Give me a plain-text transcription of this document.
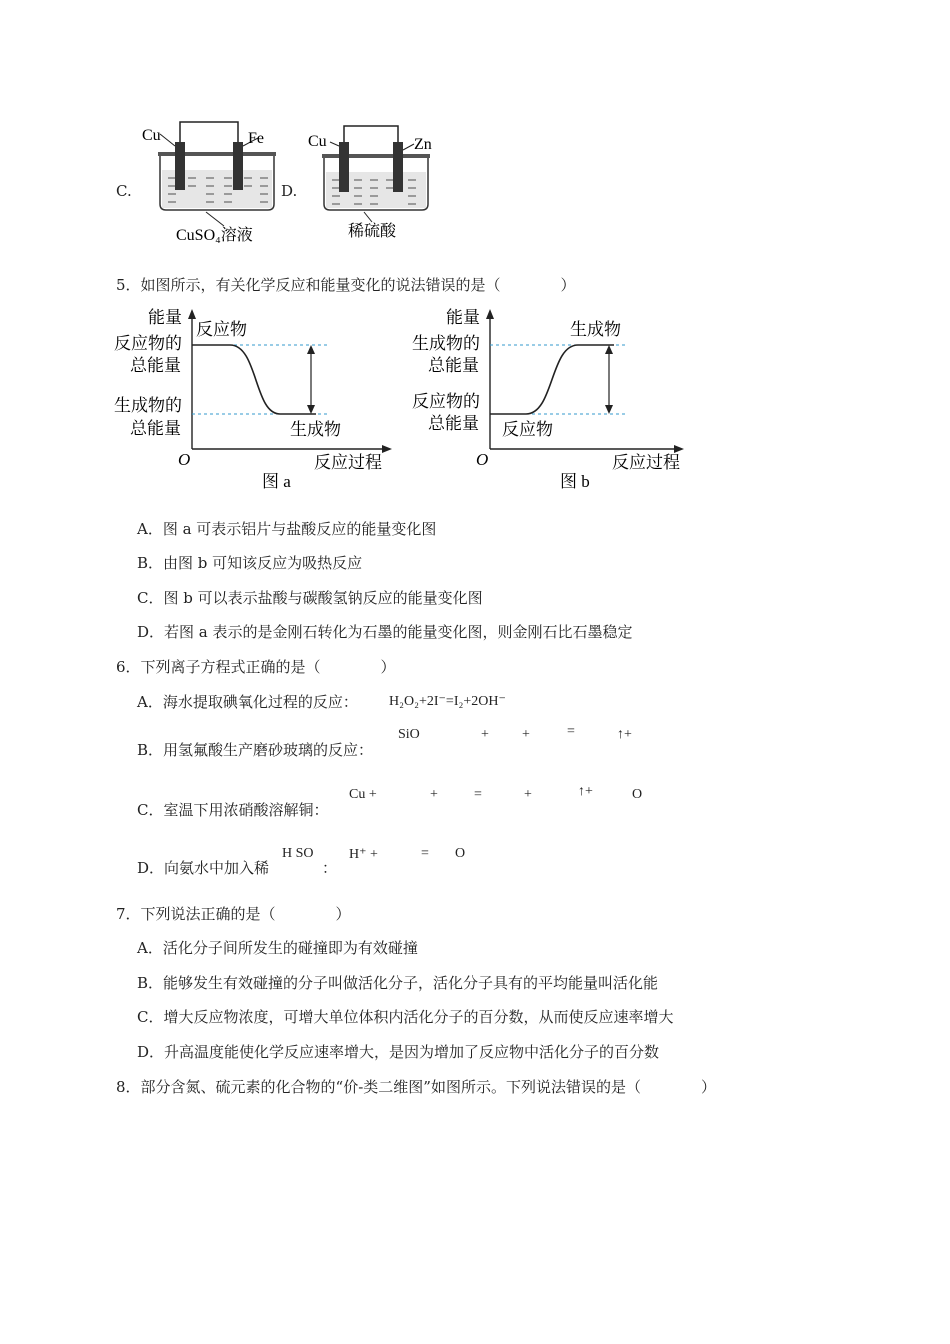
C.
Cu	Fe
CuSO₄溶液
D.
Cu	Zn
稀硫酸
5．如图所示，有关化学反应和能量变化的说法错误的是（　　　　）
能量
反应物
反应物的
总能量
生成物的
总能量	生成物
O	反应过程
图 a
能量
生成物
生成物的
总能量
反应物的
总能量 反应物
O	反应过程
图 b
A．图 a 可表示铝片与盐酸反应的能量变化图
B．由图 b 可知该反应为吸热反应
C．图 b 可以表示盐酸与碳酸氢钠反应的能量变化图
D．若图 a 表示的是金刚石转化为石墨的能量变化图，则金刚石比石墨稳定
6．下列离子方程式正确的是（　　　　）
A．海水提取碘氧化过程的反应： H₂O₂+2I⁻=I₂+2OH⁻
B．用氢氟酸生产磨砂玻璃的反应：
SiO	+ +	=	↑+
C．室温下用浓硝酸溶解铜：
Cu +	+	=	+	↑+	O
D．向氨水中加入稀
H SO
：
H⁺ +	= O
7．下列说法正确的是（　　　　）
A．活化分子间所发生的碰撞即为有效碰撞
B．能够发生有效碰撞的分子叫做活化分子，活化分子具有的平均能量叫活化能
C．增大反应物浓度，可增大单位体积内活化分子的百分数，从而使反应速率增大
D．升高温度能使化学反应速率增大，是因为增加了反应物中活化分子的百分数
8．部分含氮、硫元素的化合物的“价-类二维图”如图所示。下列说法错误的是（　　　　）
